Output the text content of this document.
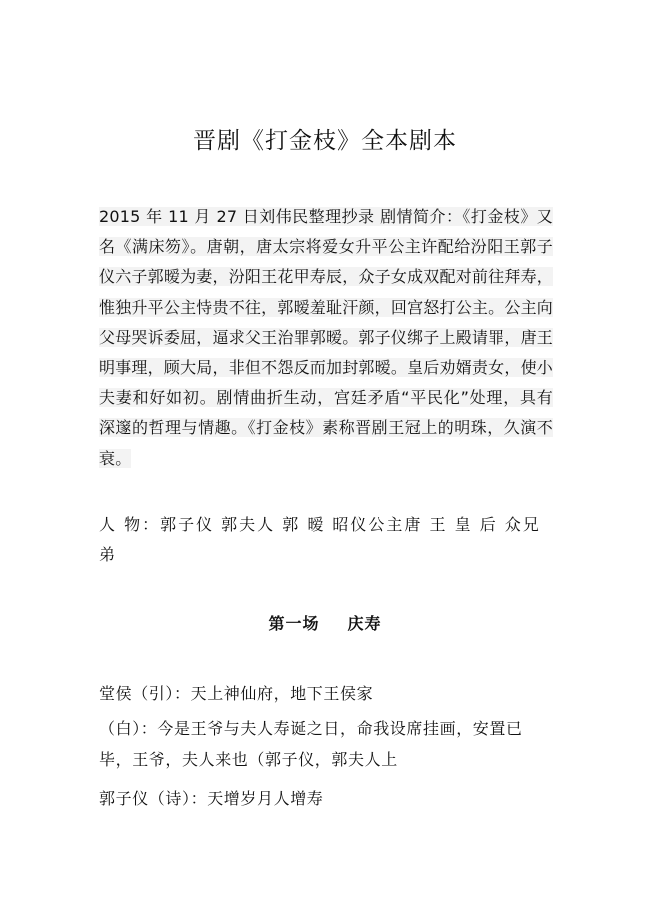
晋剧《打金枝》全本剧本

2015 年 11 月 27 日刘伟民整理抄录 剧情简介：《打金枝》又名《满床笏》。唐朝，唐太宗将爱女升平公主许配给汾阳王郭子仪六子郭暧为妻，汾阳王花甲寿辰，众子女成双配对前往拜寿，惟独升平公主恃贵不往，郭暧羞耻汗颜，回宫怒打公主。公主向父母哭诉委屈，逼求父王治罪郭暧。郭子仪绑子上殿请罪，唐王明事理，顾大局，非但不怨反而加封郭暧。皇后劝婿责女，使小夫妻和好如初。剧情曲折生动，宫廷矛盾“平民化”处理，具有深邃的哲理与情趣。《打金枝》素称晋剧王冠上的明珠，久演不衰。

人 物：郭子仪 郭夫人 郭 暧 昭仪公主唐 王 皇 后 众兄弟

第一场 庆寿

堂侯（引）：天上神仙府，地下王侯家

（白）：今是王爷与夫人寿诞之日，命我设席挂画，安置已毕，王爷，夫人来也（郭子仪，郭夫人上

郭子仪（诗）：天增岁月人增寿
